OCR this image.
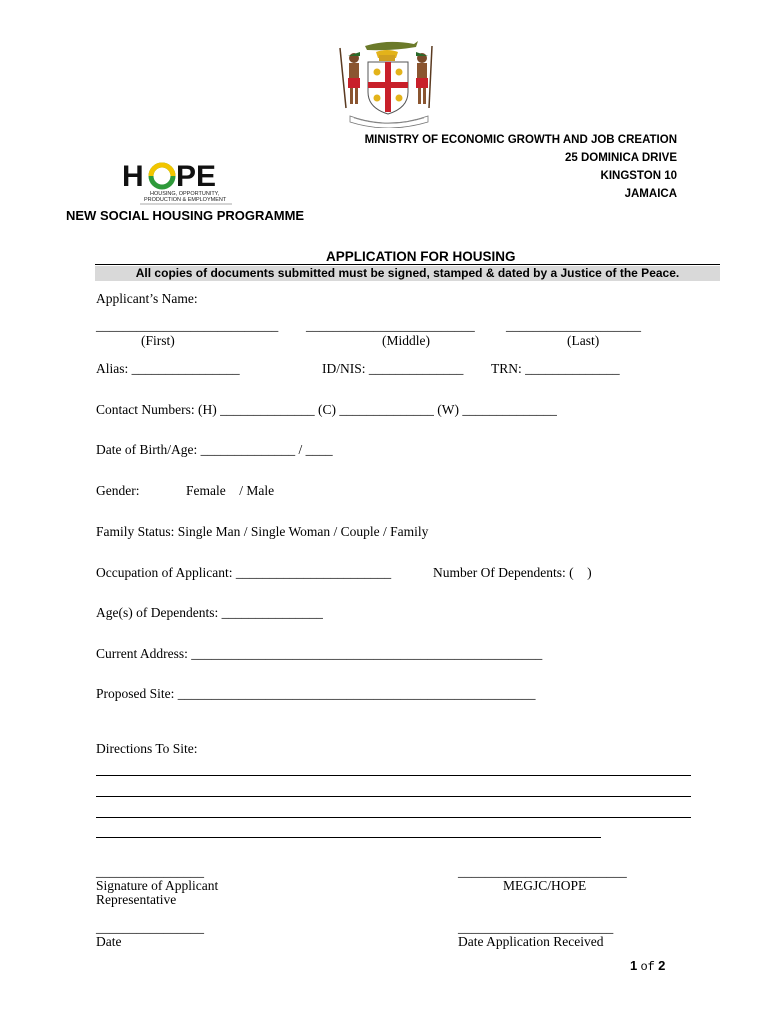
H PE
HOUSING, OPPORTUNITY,
PRODUCTION & EMPLOYMENT
MINISTRY OF ECONOMIC GROWTH AND JOB CREATION
25 DOMINICA DRIVE
KINGSTON 10
JAMAICA
NEW SOCIAL HOUSING PROGRAMME
APPLICATION FOR HOUSING
All copies of documents submitted must be signed, stamped & dated by a Justice of the Peace.
Applicant’s Name:
___________________________ _________________________ ____________________
(First)	(Middle)	(Last)
Alias: ________________	ID/NIS: ______________ TRN: ______________
Contact Numbers: (H) ______________ (C) ______________ (W) ______________
Date of Birth/Age: ______________ / ____
Gender:	Female    / Male
Family Status: Single Man / Single Woman / Couple / Family
Occupation of Applicant: _______________________	Number Of Dependents: (    )
Age(s) of Dependents: _______________
Current Address: ____________________________________________________
Proposed Site: _____________________________________________________
Directions To Site:
________________
Signature of Applicant
Representative
_________________________
MEGJC/HOPE
________________
Date
_______________________
Date Application Received
1 of 2
